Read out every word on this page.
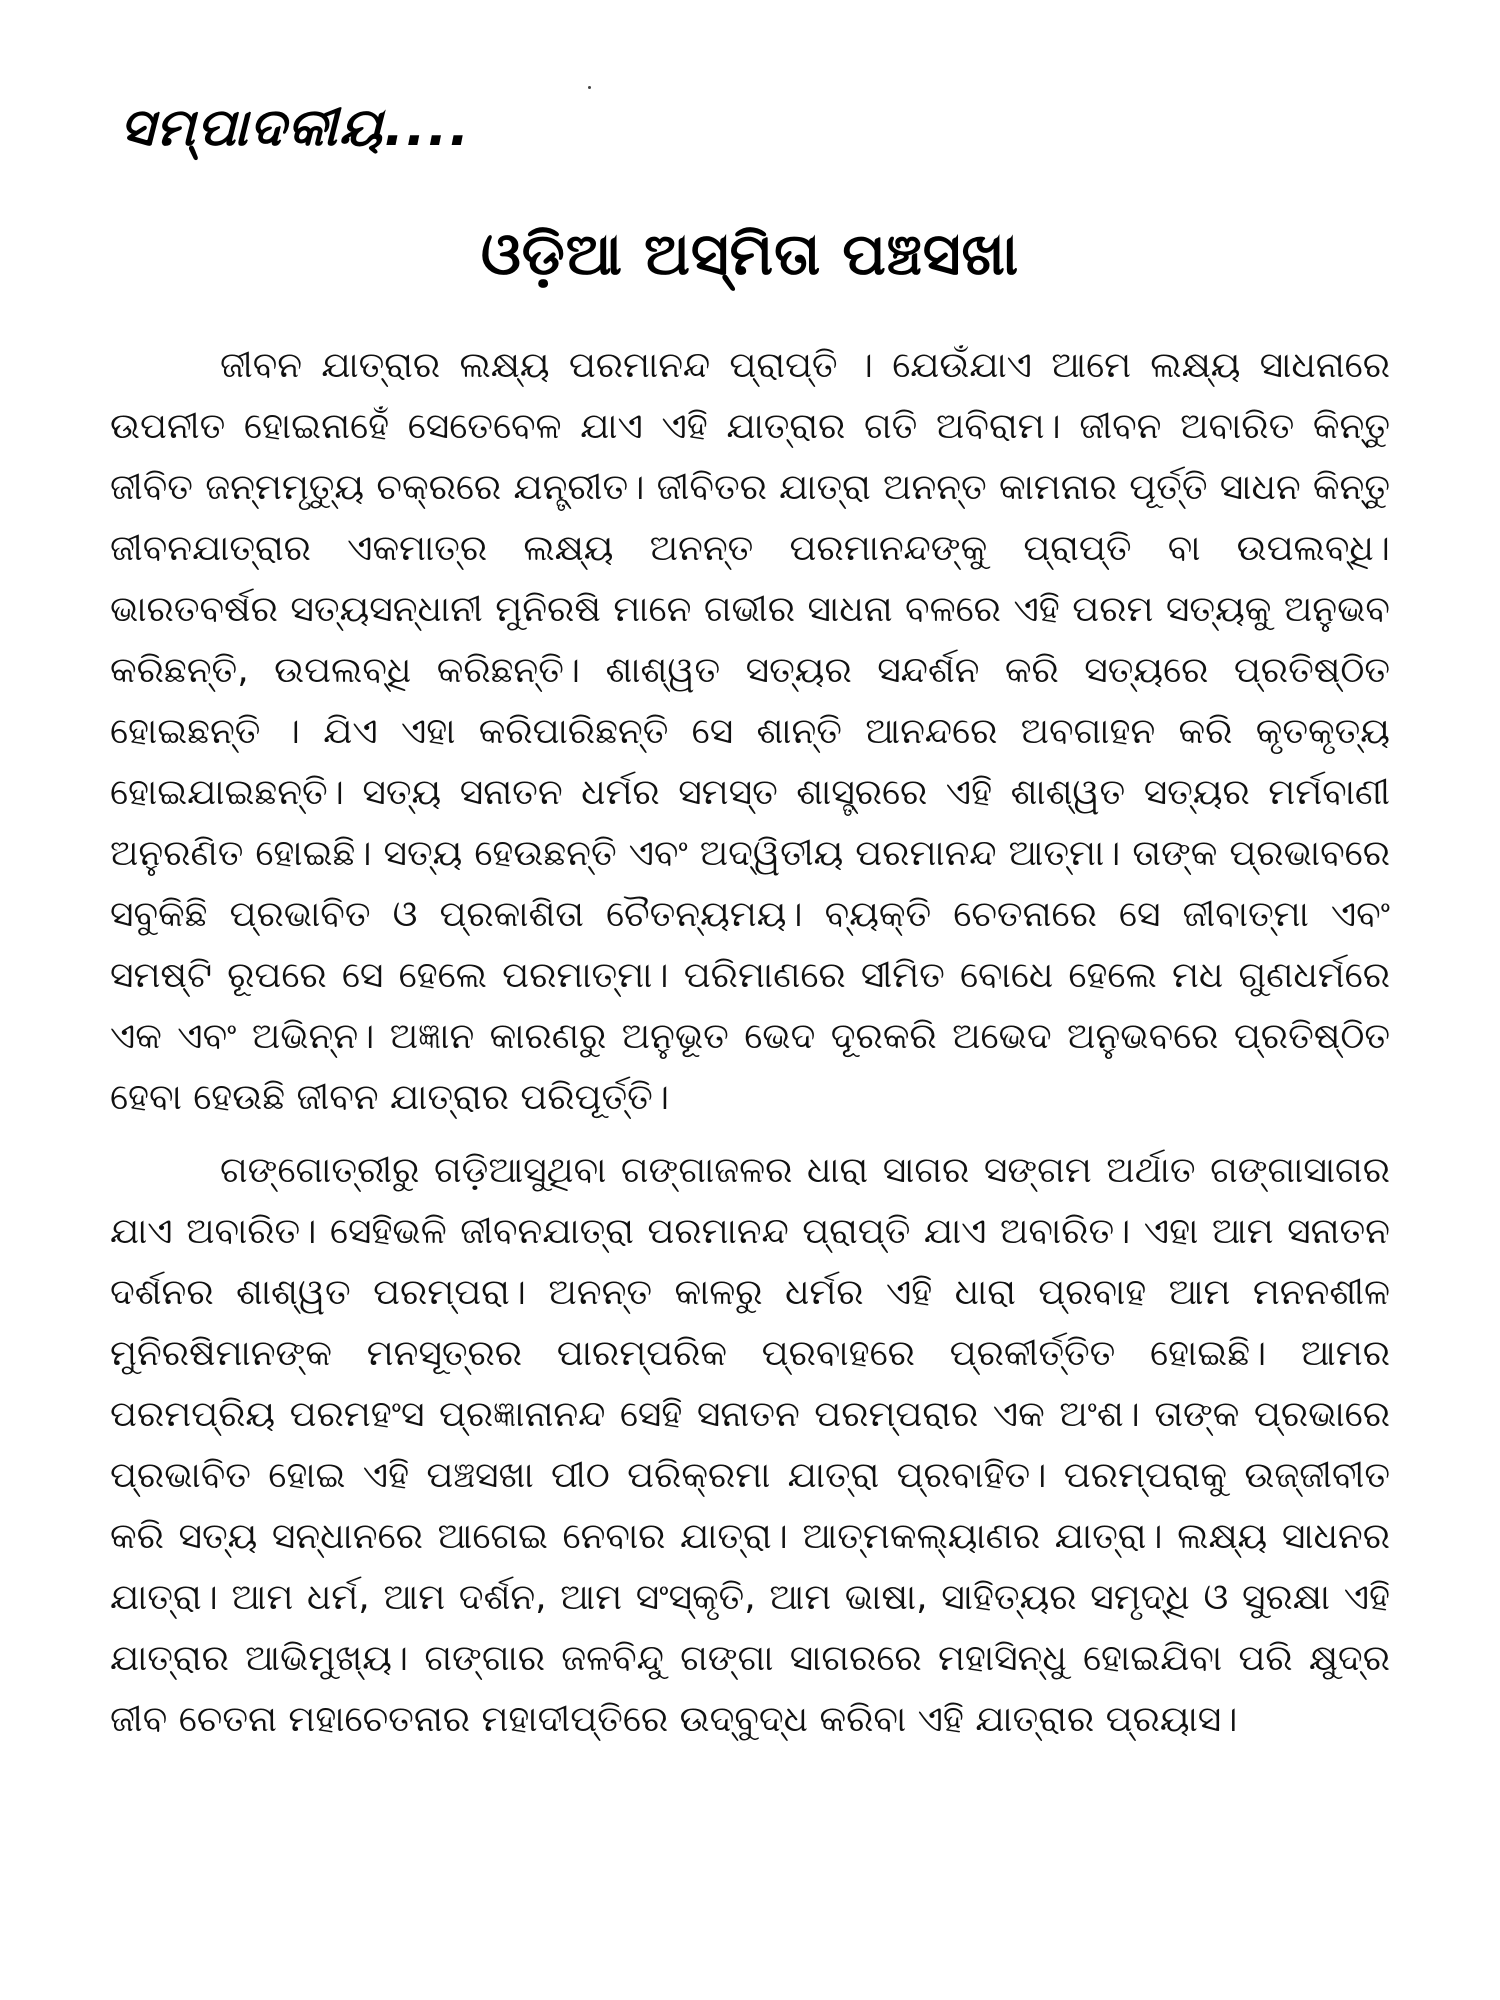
ସମ୍ପାଦକୀୟ....
ଓଡ଼ିଆ ଅସ୍ମିତା ପଞ୍ଚସଖା

ଜୀବନ ଯାତ୍ରାର ଲକ୍ଷ୍ୟ ପରମାନନ୍ଦ ପ୍ରାପ୍ତି । ଯେଉଁଯାଏ ଆମେ ଲକ୍ଷ୍ୟ ସାଧନାରେ ଉପନୀତ ହୋଇନାହେଁ ସେତେବେଳ ଯାଏ ଏହି ଯାତ୍ରାର ଗତି ଅବିରାମ। ଜୀବନ ଅବାରିତ କିନ୍ତୁ ଜୀବିତ ଜନ୍ମମୃତ୍ୟୁ ଚକ୍ରରେ ଯନ୍ତ୍ରୀତ। ଜୀବିତର ଯାତ୍ରା ଅନନ୍ତ କାମନାର ପୂର୍ତ୍ତି ସାଧନ କିନ୍ତୁ ଜୀବନଯାତ୍ରାର ଏକମାତ୍ର ଲକ୍ଷ୍ୟ ଅନନ୍ତ ପରମାନନ୍ଦଙ୍କୁ ପ୍ରାପ୍ତି ବା ଉପଲବ୍ଧି। ଭାରତବର୍ଷର ସତ୍ୟସନ୍ଧାନୀ ମୁନିରଷି ମାନେ ଗଭୀର ସାଧନା ବଳରେ ଏହି ପରମ ସତ୍ୟକୁ ଅନୁଭବ କରିଛନ୍ତି, ଉପଲବ୍ଧି କରିଛନ୍ତି। ଶାଶ୍ୱତ ସତ୍ୟର ସନ୍ଦର୍ଶନ କରି ସତ୍ୟରେ ପ୍ରତିଷ୍ଠିତ ହୋଇଛନ୍ତି । ଯିଏ ଏହା କରିପାରିଛନ୍ତି ସେ ଶାନ୍ତି ଆନନ୍ଦରେ ଅବଗାହନ କରି କୃତକୃତ୍ୟ ହୋଇଯାଇଛନ୍ତି। ସତ୍ୟ ସନାତନ ଧର୍ମର ସମସ୍ତ ଶାସ୍ତ୍ରରେ ଏହି ଶାଶ୍ୱତ ସତ୍ୟର ମର୍ମବାଣୀ ଅନୁରଣିତ ହୋଇଛି। ସତ୍ୟ ହେଉଛନ୍ତି ଏବଂ ଅଦ୍ୱିତୀୟ ପରମାନନ୍ଦ ଆତ୍ମା। ତାଙ୍କ ପ୍ରଭାବରେ ସବୁକିଛି ପ୍ରଭାବିତ ଓ ପ୍ରକାଶିତା ଚୈତନ୍ୟମୟ। ବ୍ୟକ୍ତି ଚେତନାରେ ସେ ଜୀବାତ୍ମା ଏବଂ ସମଷ୍ଟି ରୂପରେ ସେ ହେଲେ ପରମାତ୍ମା। ପରିମାଣରେ ସୀମିତ ବୋଧେ ହେଲେ ମଧ ଗୁଣଧର୍ମରେ ଏକ ଏବଂ ଅଭିନ୍ନ। ଅଜ୍ଞାନ କାରଣରୁ ଅନୁଭୂତ ଭେଦ ଦୂରକରି ଅଭେଦ ଅନୁଭବରେ ପ୍ରତିଷ୍ଠିତ ହେବା ହେଉଛି ଜୀବନ ଯାତ୍ରାର ପରିପୂର୍ତ୍ତି।

ଗଙ୍ଗୋତ୍ରୀରୁ ଗଡ଼ିଆସୁଥିବା ଗଙ୍ଗାଜଳର ଧାରା ସାଗର ସଙ୍ଗମ ଅର୍ଥାତ ଗଙ୍ଗାସାଗର ଯାଏ ଅବାରିତ। ସେହିଭଳି ଜୀବନଯାତ୍ରା ପରମାନନ୍ଦ ପ୍ରାପ୍ତି ଯାଏ ଅବାରିତ। ଏହା ଆମ ସନାତନ ଦର୍ଶନର ଶାଶ୍ୱତ ପରମ୍ପରା। ଅନନ୍ତ କାଳରୁ ଧର୍ମର ଏହି ଧାରା ପ୍ରବାହ ଆମ ମନନଶୀଳ ମୁନିରଷିମାନଙ୍କ ମନସୂତ୍ରର ପାରମ୍ପରିକ ପ୍ରବାହରେ ପ୍ରକୀର୍ତ୍ତିତ ହୋଇଛି। ଆମର ପରମପ୍ରିୟ ପରମହଂସ ପ୍ରଜ୍ଞାନାନନ୍ଦ ସେହି ସନାତନ ପରମ୍ପରାର ଏକ ଅଂଶ। ତାଙ୍କ ପ୍ରଭାରେ ପ୍ରଭାବିତ ହୋଇ ଏହି ପଞ୍ଚସଖା ପୀଠ ପରିକ୍ରମା ଯାତ୍ରା ପ୍ରବାହିତ। ପରମ୍ପରାକୁ ଉଜ୍ଜୀବୀତ କରି ସତ୍ୟ ସନ୍ଧାନରେ ଆଗେଇ ନେବାର ଯାତ୍ରା। ଆତ୍ମକଲ୍ୟାଣର ଯାତ୍ରା। ଲକ୍ଷ୍ୟ ସାଧନର ଯାତ୍ରା। ଆମ ଧର୍ମ, ଆମ ଦର୍ଶନ, ଆମ ସଂସ୍କୃତି, ଆମ ଭାଷା, ସାହିତ୍ୟର ସମୃଦ୍ଧି ଓ ସୁରକ୍ଷା ଏହି ଯାତ୍ରାର ଆଭିମୁଖ୍ୟ। ଗଙ୍ଗାର ଜଳବିନ୍ଦୁ ଗଙ୍ଗା ସାଗରରେ ମହାସିନ୍ଧୁ ହୋଇଯିବା ପରି କ୍ଷୁଦ୍ର ଜୀବ ଚେତନା ମହାଚେତନାର ମହାଦୀପ୍ତିରେ ଉଦ୍‌ବୁଦ୍ଧ କରିବା ଏହି ଯାତ୍ରାର ପ୍ରୟାସ।
